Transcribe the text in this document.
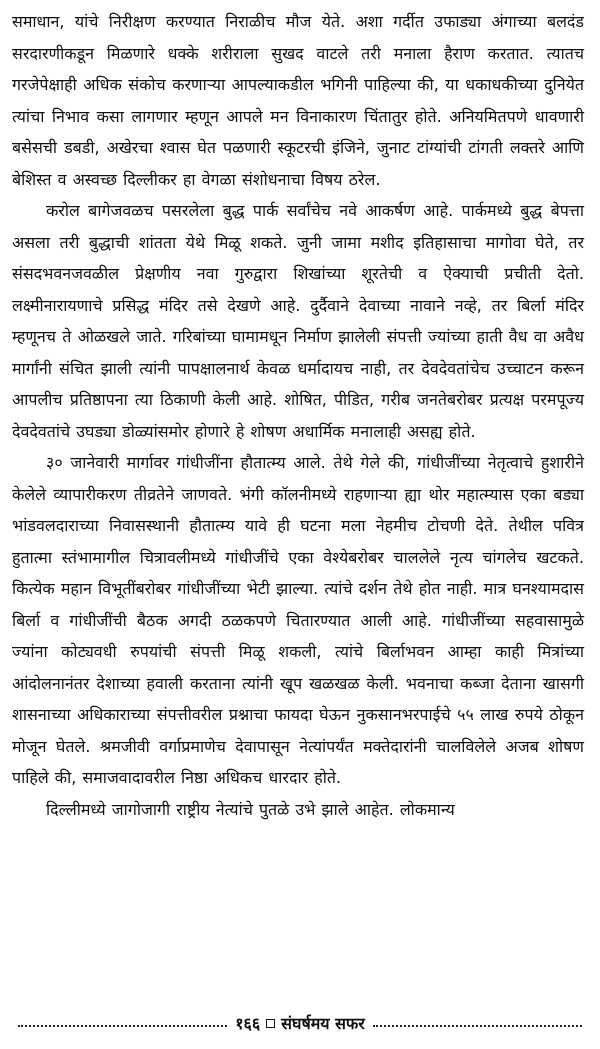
समाधान, यांचे निरीक्षण करण्यात निराळीच मौज येते. अशा गर्दीत उफाड्या अंगाच्या बलदंड सरदारणीकडून मिळणारे धक्के शरीराला सुखद वाटले तरी मनाला हैराण करतात. त्यातच गरजेपेक्षाही अधिक संकोच करणाऱ्या आपल्याकडील भगिनी पाहिल्या की, या धकाधकीच्या दुनियेत त्यांचा निभाव कसा लागणार म्हणून आपले मन विनाकारण चिंतातुर होते. अनियमितपणे धावणारी बसेसची डबडी, अखेरचा श्वास घेत पळणारी स्कूटरची इंजिने, जुनाट टांग्यांची टांगती लक्तरे आणि बेशिस्त व अस्वच्छ दिल्लीकर हा वेगळा संशोधनाचा विषय ठरेल.

करोल बागेजवळच पसरलेला बुद्ध पार्क सर्वांचेच नवे आकर्षण आहे. पार्कमध्ये बुद्ध बेपत्ता असला तरी बुद्धाची शांतता येथे मिळू शकते. जुनी जामा मशीद इतिहासाचा मागोवा घेते, तर संसदभवनजवळील प्रेक्षणीय नवा गुरुद्वारा शिखांच्या शूरतेची व ऐक्याची प्रचीती देतो. लक्ष्मीनारायणाचे प्रसिद्ध मंदिर तसे देखणे आहे. दुर्दैवाने देवाच्या नावाने नव्हे, तर बिर्ला मंदिर म्हणूनच ते ओळखले जाते. गरिबांच्या घामामधून निर्माण झालेली संपत्ती ज्यांच्या हाती वैध वा अवैध मार्गांनी संचित झाली त्यांनी पापक्षालनार्थ केवळ धर्मादायच नाही, तर देवदेवतांचेच उच्चाटन करून आपलीच प्रतिष्ठापना त्या ठिकाणी केली आहे. शोषित, पीडित, गरीब जनतेबरोबर प्रत्यक्ष परमपूज्य देवदेवतांचे उघड्या डोळ्यांसमोर होणारे हे शोषण अधार्मिक मनालाही असह्य होते.

३० जानेवारी मार्गावर गांधीजींना हौतात्म्य आले. तेथे गेले की, गांधीजींच्या नेतृत्वाचे हुशारीने केलेले व्यापारीकरण तीव्रतेने जाणवते. भंगी कॉलनीमध्ये राहणाऱ्या ह्या थोर महात्म्यास एका बड्या भांडवलदाराच्या निवासस्थानी हौतात्म्य यावे ही घटना मला नेहमीच टोचणी देते. तेथील पवित्र हुतात्मा स्तंभामागील चित्रावलीमध्ये गांधीजींचे एका वेश्येबरोबर चाललेले नृत्य चांगलेच खटकते. कित्येक महान विभूतींबरोबर गांधीजींच्या भेटी झाल्या. त्यांचे दर्शन तेथे होत नाही. मात्र घनश्यामदास बिर्ला व गांधीजींची बैठक अगदी ठळकपणे चितारण्यात आली आहे. गांधीजींच्या सहवासामुळे ज्यांना कोट्यवधी रुपयांची संपत्ती मिळू शकली, त्यांचे बिर्लाभवन आम्हा काही मित्रांच्या आंदोलनानंतर देशाच्या हवाली करताना त्यांनी खूप खळखळ केली. भवनाचा कब्जा देताना खासगी शासनाच्या अधिकाराच्या संपत्तीवरील प्रश्नाचा फायदा घेऊन नुकसानभरपाईचे ५५ लाख रुपये ठोकून मोजून घेतले. श्रमजीवी वर्गाप्रमाणेच देवापासून नेत्यांपर्यंत मक्तेदारांनी चालविलेले अजब शोषण पाहिले की, समाजवादावरील निष्ठा अधिकच धारदार होते.

दिल्लीमध्ये जागोजागी राष्ट्रीय नेत्यांचे पुतळे उभे झाले आहेत. लोकमान्य

१६६ संघर्षमय सफर
